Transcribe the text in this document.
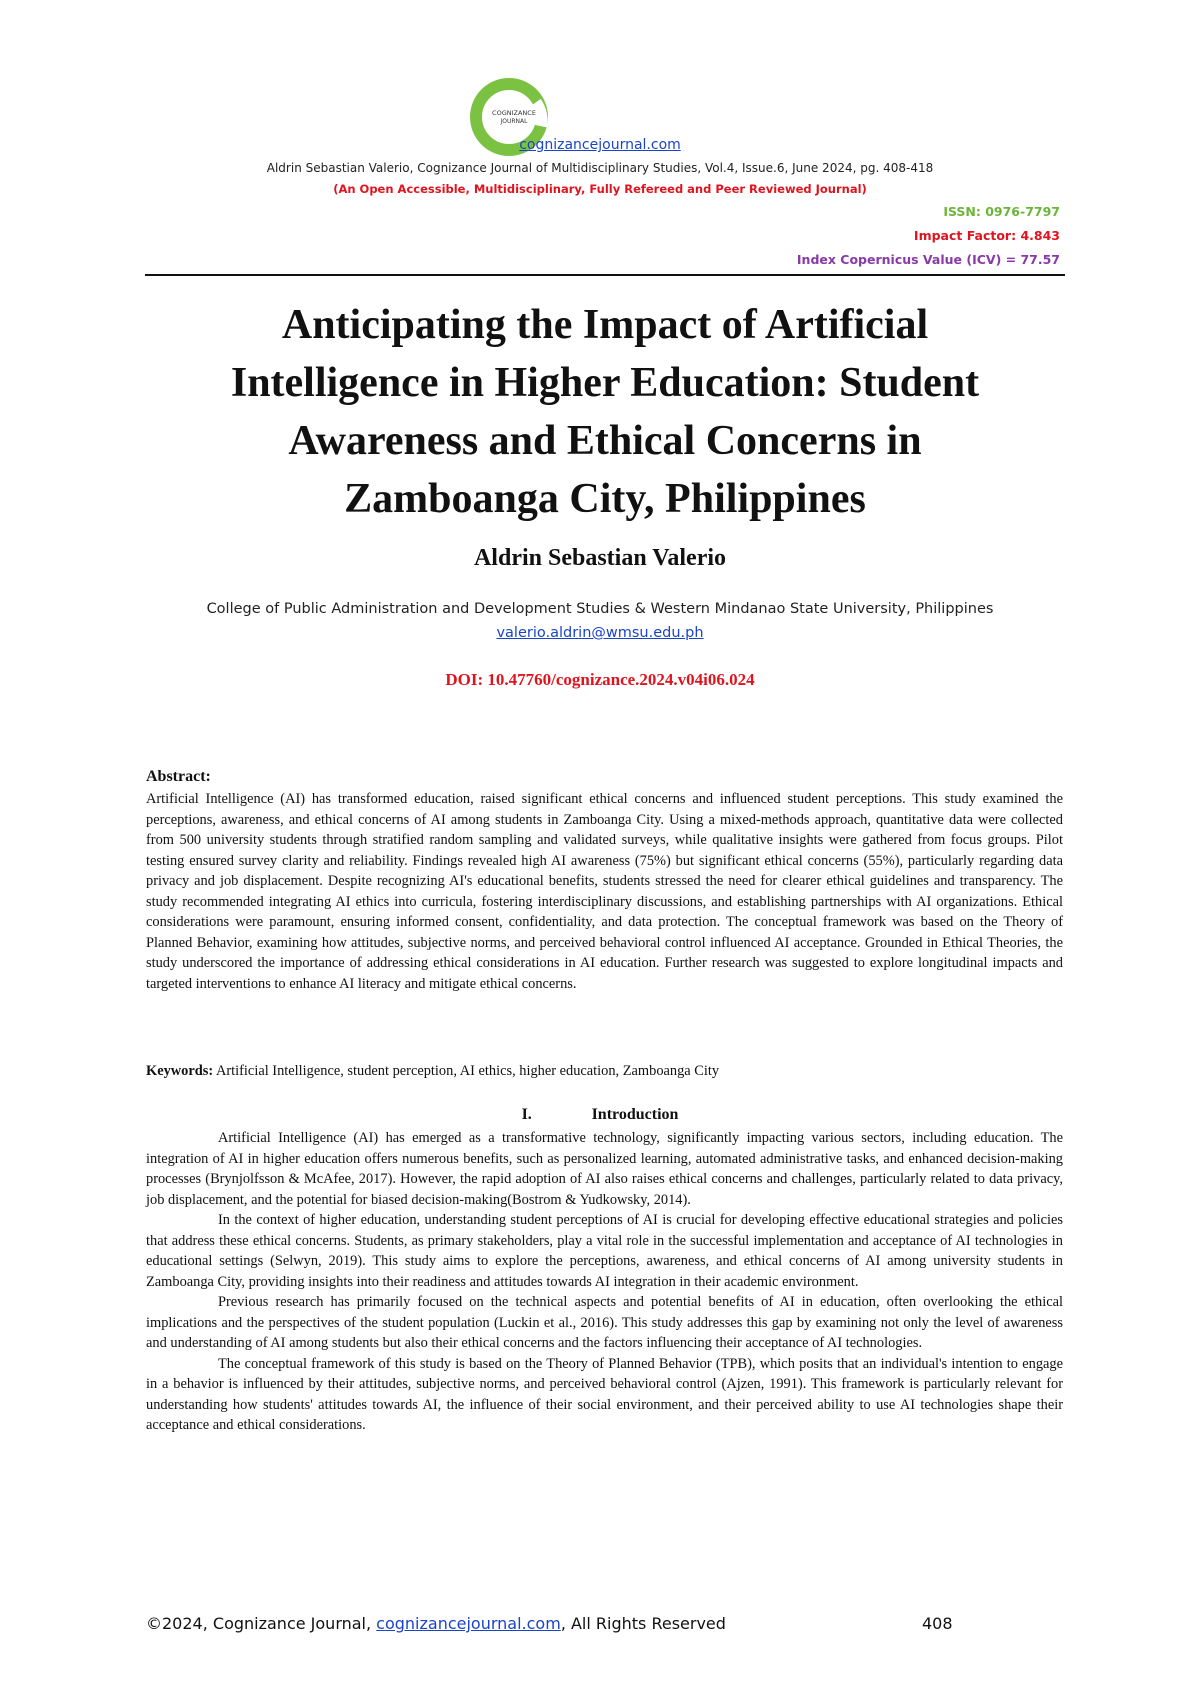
COGNIZANCE
JOURNAL
cognizancejournal.com
Aldrin Sebastian Valerio, Cognizance Journal of Multidisciplinary Studies, Vol.4, Issue.6, June 2024, pg. 408-418
(An Open Accessible, Multidisciplinary, Fully Refereed and Peer Reviewed Journal)
ISSN: 0976-7797
Impact Factor: 4.843
Index Copernicus Value (ICV) = 77.57
Anticipating the Impact of Artificial
Intelligence in Higher Education: Student
Awareness and Ethical Concerns in
Zamboanga City, Philippines
Aldrin Sebastian Valerio
College of Public Administration and Development Studies & Western Mindanao State University, Philippines
valerio.aldrin@wmsu.edu.ph
DOI: 10.47760/cognizance.2024.v04i06.024
Abstract:

Artificial Intelligence (AI) has transformed education, raised significant ethical concerns and influenced student perceptions. This study examined the perceptions, awareness, and ethical concerns of AI among students in Zamboanga City. Using a mixed-methods approach, quantitative data were collected from 500 university students through stratified random sampling and validated surveys, while qualitative insights were gathered from focus groups. Pilot testing ensured survey clarity and reliability. Findings revealed high AI awareness (75%) but significant ethical concerns (55%), particularly regarding data privacy and job displacement. Despite recognizing AI's educational benefits, students stressed the need for clearer ethical guidelines and transparency. The study recommended integrating AI ethics into curricula, fostering interdisciplinary discussions, and establishing partnerships with AI organizations. Ethical considerations were paramount, ensuring informed consent, confidentiality, and data protection. The conceptual framework was based on the Theory of Planned Behavior, examining how attitudes, subjective norms, and perceived behavioral control influenced AI acceptance. Grounded in Ethical Theories, the study underscored the importance of addressing ethical considerations in AI education. Further research was suggested to explore longitudinal impacts and targeted interventions to enhance AI literacy and mitigate ethical concerns.

Keywords: Artificial Intelligence, student perception, AI ethics, higher education, Zamboanga City

I.	Introduction

Artificial Intelligence (AI) has emerged as a transformative technology, significantly impacting various sectors, including education. The integration of AI in higher education offers numerous benefits, such as personalized learning, automated administrative tasks, and enhanced decision-making processes (Brynjolfsson & McAfee, 2017). However, the rapid adoption of AI also raises ethical concerns and challenges, particularly related to data privacy, job displacement, and the potential for biased decision-making(Bostrom & Yudkowsky, 2014).

In the context of higher education, understanding student perceptions of AI is crucial for developing effective educational strategies and policies that address these ethical concerns. Students, as primary stakeholders, play a vital role in the successful implementation and acceptance of AI technologies in educational settings (Selwyn, 2019). This study aims to explore the perceptions, awareness, and ethical concerns of AI among university students in Zamboanga City, providing insights into their readiness and attitudes towards AI integration in their academic environment.

Previous research has primarily focused on the technical aspects and potential benefits of AI in education, often overlooking the ethical implications and the perspectives of the student population (Luckin et al., 2016). This study addresses this gap by examining not only the level of awareness and understanding of AI among students but also their ethical concerns and the factors influencing their acceptance of AI technologies.

The conceptual framework of this study is based on the Theory of Planned Behavior (TPB), which posits that an individual's intention to engage in a behavior is influenced by their attitudes, subjective norms, and perceived behavioral control (Ajzen, 1991). This framework is particularly relevant for understanding how students' attitudes towards AI, the influence of their social environment, and their perceived ability to use AI technologies shape their acceptance and ethical considerations.

©2024, Cognizance Journal, cognizancejournal.com, All Rights Reserved	408
